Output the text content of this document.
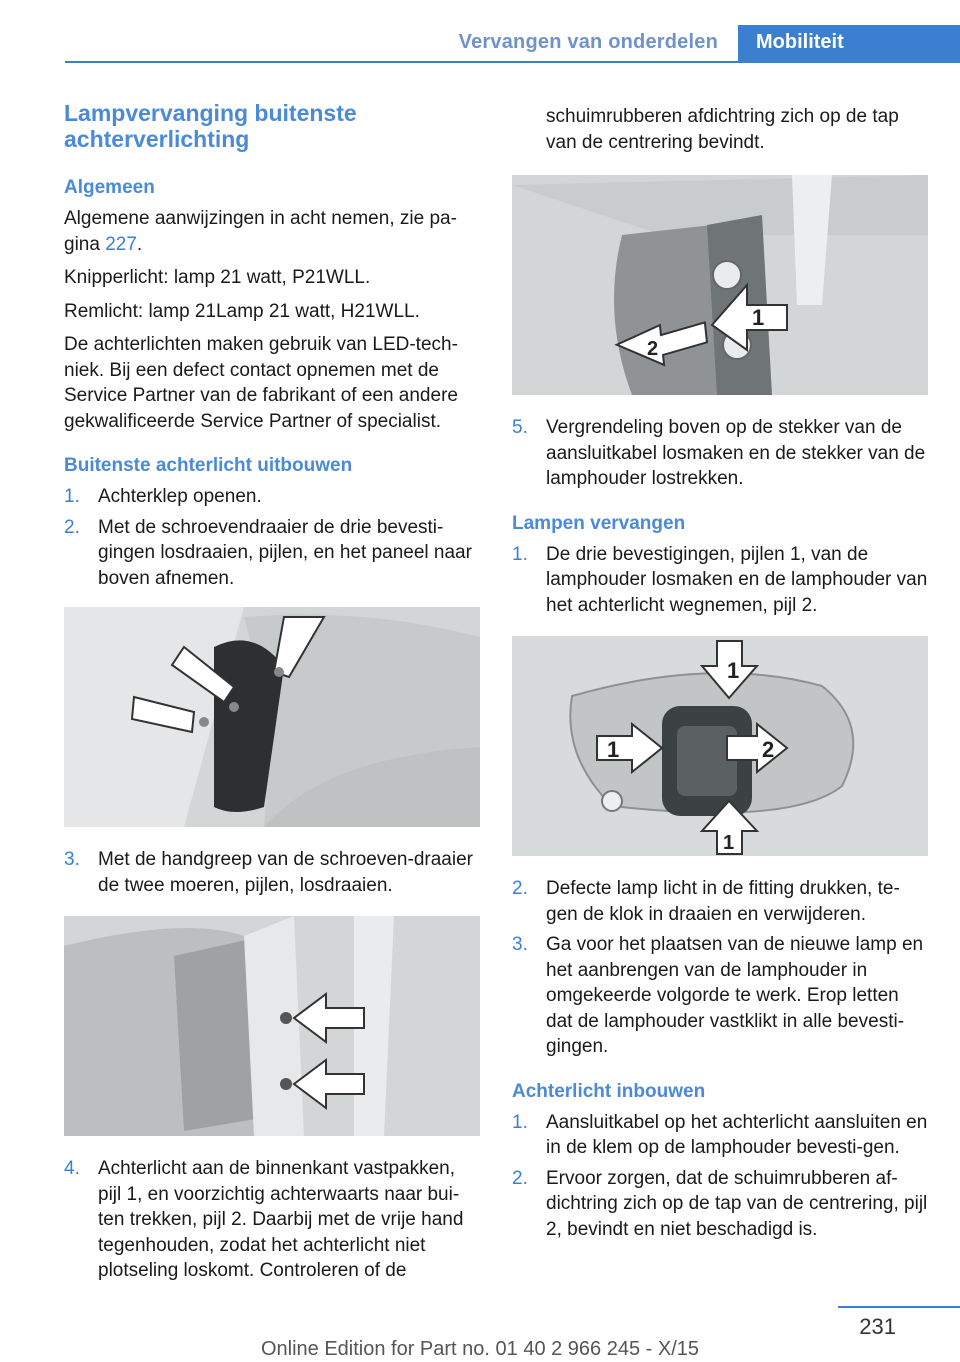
Vervangen van onderdelen	Mobiliteit
Lampvervanging buitenste achterverlichting
Algemeen

Algemene aanwijzingen in acht nemen, zie pa‐gina 227.

Knipperlicht: lamp 21 watt, P21WLL.

Remlicht: lamp 21Lamp 21 watt, H21WLL.

De achterlichten maken gebruik van LED-tech‐niek. Bij een defect contact opnemen met de Service Partner van de fabrikant of een andere gekwalificeerde Service Partner of specialist.

Buitenste achterlicht uitbouwen
1. Achterklep openen.
2. Met de schroevendraaier de drie bevesti‐gingen losdraaien, pijlen, en het paneel naar boven afnemen.
3. Met de handgreep van de schroeven‐draaier de twee moeren, pijlen, losdraaien.
4. Achterlicht aan de binnenkant vastpakken, pijl 1, en voorzichtig achterwaarts naar bui‐ten trekken, pijl 2. Daarbij met de vrije hand tegenhouden, zodat het achterlicht niet plotseling loskomt. Controleren of de

schuimrubberen afdichtring zich op de tap van de centrering bevindt.

1
2
5. Vergrendeling boven op de stekker van de aansluitkabel losmaken en de stekker van de lamphouder lostrekken.
Lampen vervangen
1. De drie bevestigingen, pijlen 1, van de lamphouder losmaken en de lamphouder van het achterlicht wegnemen, pijl 2.
1
1	2
1
2. Defecte lamp licht in de fitting drukken, te‐gen de klok in draaien en verwijderen.
3. Ga voor het plaatsen van de nieuwe lamp en het aanbrengen van de lamphouder in omgekeerde volgorde te werk. Erop letten dat de lamphouder vastklikt in alle bevesti‐gingen.
Achterlicht inbouwen
1. Aansluitkabel op het achterlicht aansluiten en in de klem op de lamphouder bevesti‐gen.
2. Ervoor zorgen, dat de schuimrubberen af‐dichtring zich op de tap van de centrering, pijl 2, bevindt en niet beschadigd is.
231
Online Edition for Part no. 01 40 2 966 245 - X/15
